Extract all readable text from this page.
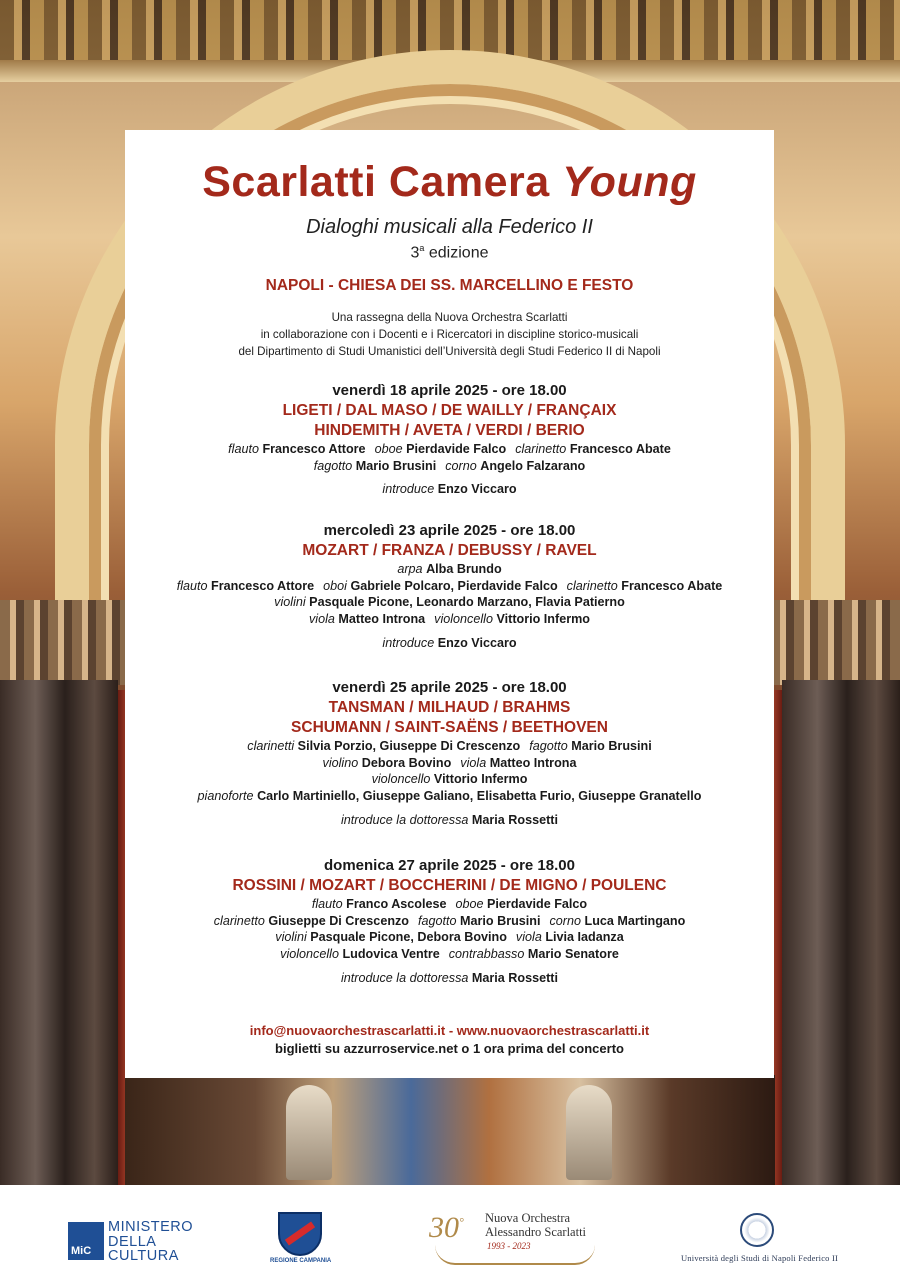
Scarlatti Camera Young
Dialoghi musicali alla Federico II
3$^a$ edizione
NAPOLI - CHIESA DEI SS. MARCELLINO E FESTO
Una rassegna della Nuova Orchestra Scarlatti
in collaborazione con i Docenti e i Ricercatori in discipline storico-musicali
del Dipartimento di Studi Umanistici dell’Università degli Studi Federico II di Napoli
venerdì 18 aprile 2025 - ore 18.00
LIGETI / DAL MASO / DE WAILLY / FRANÇAIX
HINDEMITH / AVETA / VERDI / BERIO
flauto Francesco Attore oboe Pierdavide Falco clarinetto Francesco Abate
fagotto Mario Brusini corno Angelo Falzarano
introduce Enzo Viccaro
mercoledì 23 aprile 2025 - ore 18.00
MOZART / FRANZA / DEBUSSY / RAVEL
arpa Alba Brundo
flauto Francesco Attore oboi Gabriele Polcaro, Pierdavide Falco clarinetto Francesco Abate
violini Pasquale Picone, Leonardo Marzano, Flavia Patierno
viola Matteo Introna violoncello Vittorio Infermo
introduce Enzo Viccaro
venerdì 25 aprile 2025 - ore 18.00
TANSMAN / MILHAUD / BRAHMS
SCHUMANN / SAINT-SAËNS / BEETHOVEN
clarinetti Silvia Porzio, Giuseppe Di Crescenzo fagotto Mario Brusini
violino Debora Bovino viola Matteo Introna
violoncello Vittorio Infermo
pianoforte Carlo Martiniello, Giuseppe Galiano, Elisabetta Furio, Giuseppe Granatello
introduce la dottoressa Maria Rossetti
domenica 27 aprile 2025 - ore 18.00
ROSSINI / MOZART / BOCCHERINI / DE MIGNO / POULENC
flauto Franco Ascolese oboe Pierdavide Falco
clarinetto Giuseppe Di Crescenzo fagotto Mario Brusini corno Luca Martingano
violini Pasquale Picone, Debora Bovino viola Livia Iadanza
violoncello Ludovica Ventre contrabbasso Mario Senatore
introduce la dottoressa Maria Rossetti
info@nuovaorchestrascarlatti.it - www.nuovaorchestrascarlatti.it
biglietti su azzurroservice.net o 1 ora prima del concerto
MiC
MINISTERO
DELLA
CULTURA	REGIONE CAMPANIA
30° Nuova Orchestra
Alessandro Scarlatti
1993 - 2023
Università degli Studi di Napoli Federico II
